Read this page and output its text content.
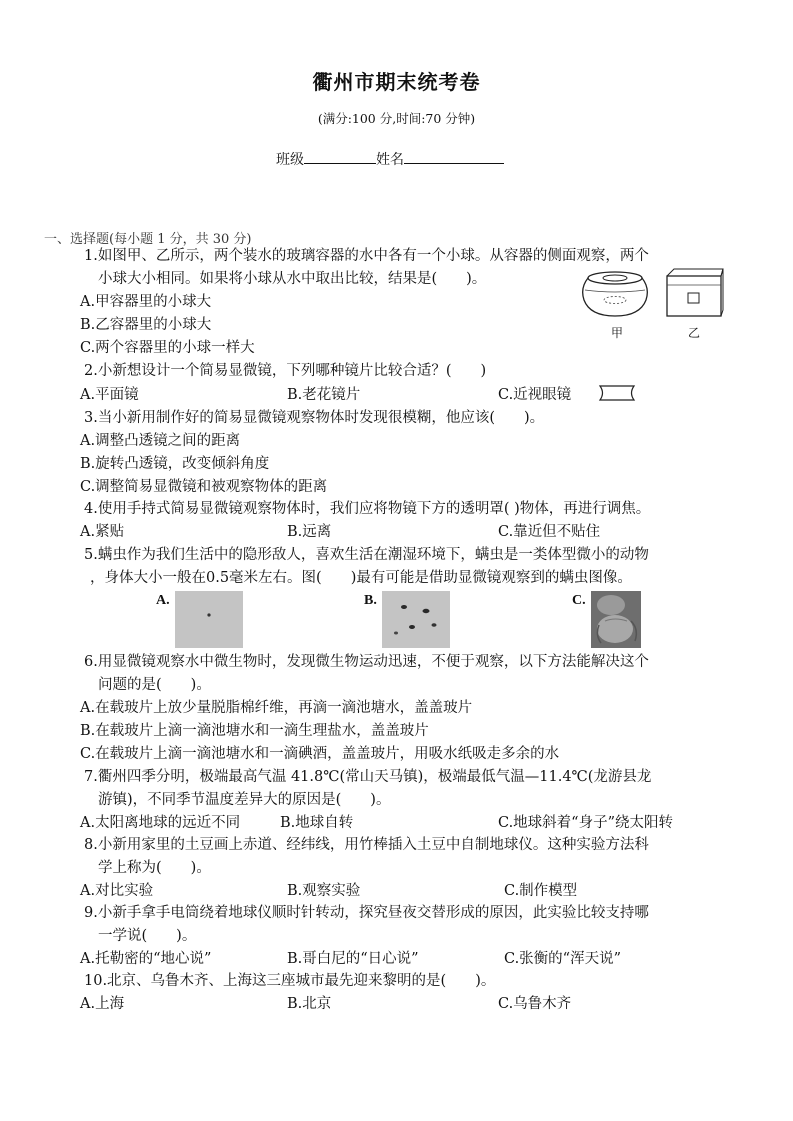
衢州市期末统考卷
(满分:100 分,时间:70 分钟)
班级	姓名
一、选择题(每小题 1 分，共 30 分)
1.如图甲、乙所示，两个装水的玻璃容器的水中各有一个小球。从容器的侧面观察，两个
小球大小相同。如果将小球从水中取出比较，结果是(　　)。
A.甲容器里的小球大
B.乙容器里的小球大
C.两个容器里的小球一样大
甲	乙
2.小新想设计一个简易显微镜，下列哪种镜片比较合适？(　　)
A.平面镜	B.老花镜片	C.近视眼镜
3.当小新用制作好的简易显微镜观察物体时发现很模糊，他应该(　　)。
A.调整凸透镜之间的距离
B.旋转凸透镜，改变倾斜角度
C.调整简易显微镜和被观察物体的距离
4.使用手持式简易显微镜观察物体时，我们应将物镜下方的透明罩( )物体，再进行调焦。
A.紧贴	B.远离	C.靠近但不贴住
5.螨虫作为我们生活中的隐形敌人，喜欢生活在潮湿环境下，螨虫是一类体型微小的动物
，身体大小一般在0.5毫米左右。图(　　)最有可能是借助显微镜观察到的螨虫图像。
A.	B.	C.
6.用显微镜观察水中微生物时，发现微生物运动迅速，不便于观察，以下方法能解决这个
问题的是(　　)。
A.在载玻片上放少量脱脂棉纤维，再滴一滴池塘水，盖盖玻片
B.在载玻片上滴一滴池塘水和一滴生理盐水，盖盖玻片
C.在载玻片上滴一滴池塘水和一滴碘酒，盖盖玻片，用吸水纸吸走多余的水
7.衢州四季分明，极端最高气温 41.8℃(常山天马镇)，极端最低气温—11.4℃(龙游县龙
游镇)，不同季节温度差异大的原因是(　　)。
A.太阳离地球的远近不同	B.地球自转	C.地球斜着“身子”绕太阳转
8.小新用家里的土豆画上赤道、经纬线，用竹棒插入土豆中自制地球仪。这种实验方法科
学上称为(　　)。
A.对比实验	B.观察实验	C.制作模型
9.小新手拿手电筒绕着地球仪顺时针转动，探究昼夜交替形成的原因，此实验比较支持哪
一学说(　　)。
A.托勒密的“地心说”	B.哥白尼的“日心说”	C.张衡的“浑天说”
10.北京、乌鲁木齐、上海这三座城市最先迎来黎明的是(　　)。
A.上海	B.北京	C.乌鲁木齐
